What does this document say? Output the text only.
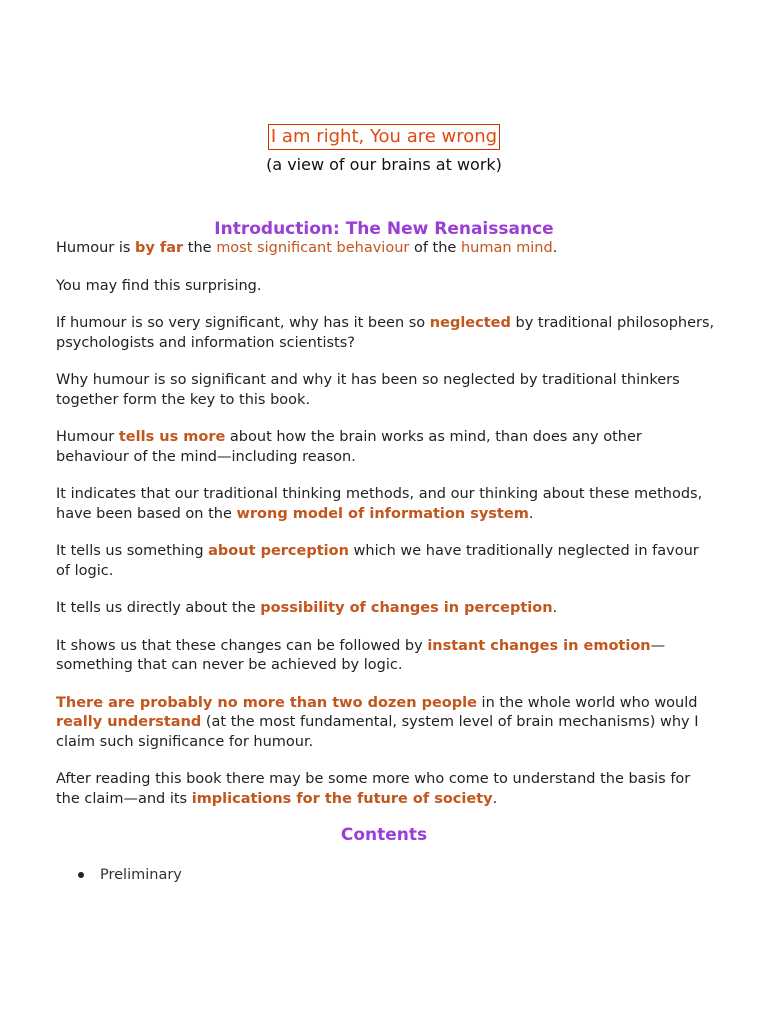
I am right, You are wrong
(a view of our brains at work)
Introduction: The New Renaissance

Humour is by far the most significant behaviour of the human mind.

You may find this surprising.

If humour is so very significant, why has it been so neglected by traditional philosophers, psychologists and information scientists?

Why humour is so significant and why it has been so neglected by traditional thinkers together form the key to this book.

Humour tells us more about how the brain works as mind, than does any other behaviour of the mind—including reason.

It indicates that our traditional thinking methods, and our thinking about these methods, have been based on the wrong model of information system.

It tells us something about perception which we have traditionally neglected in favour of logic.

It tells us directly about the possibility of changes in perception.

It shows us that these changes can be followed by instant changes in emotion— something that can never be achieved by logic.

There are probably no more than two dozen people in the whole world who would really understand (at the most fundamental, system level of brain mechanisms) why I claim such significance for humour.

After reading this book there may be some more who come to understand the basis for the claim—and its implications for the future of society.

Contents
Preliminary
